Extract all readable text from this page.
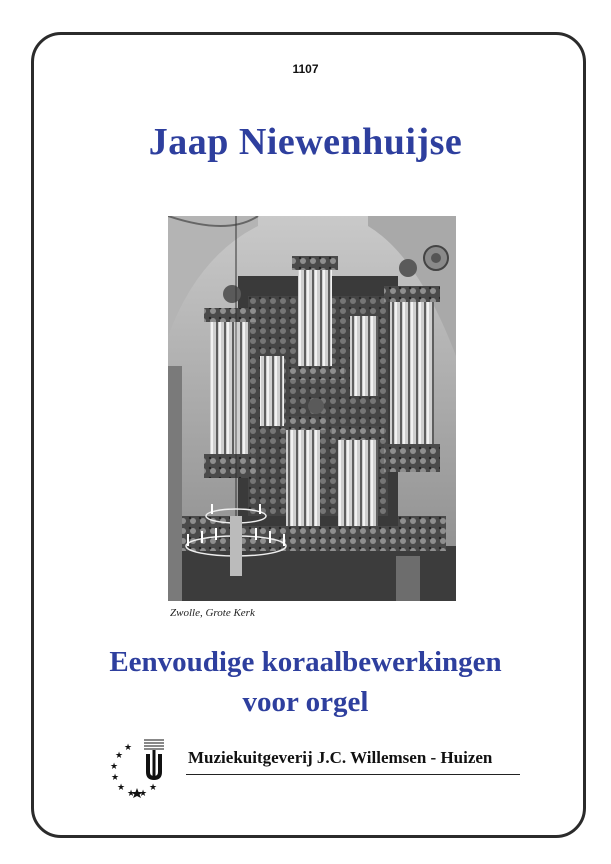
1107
Jaap Niewenhuijse
Zwolle, Grote Kerk
Eenvoudige koraalbewerkingen
voor orgel
★
★
★
★
★
★ ★
★
Muziekuitgeverij J.C. Willemsen - Huizen
